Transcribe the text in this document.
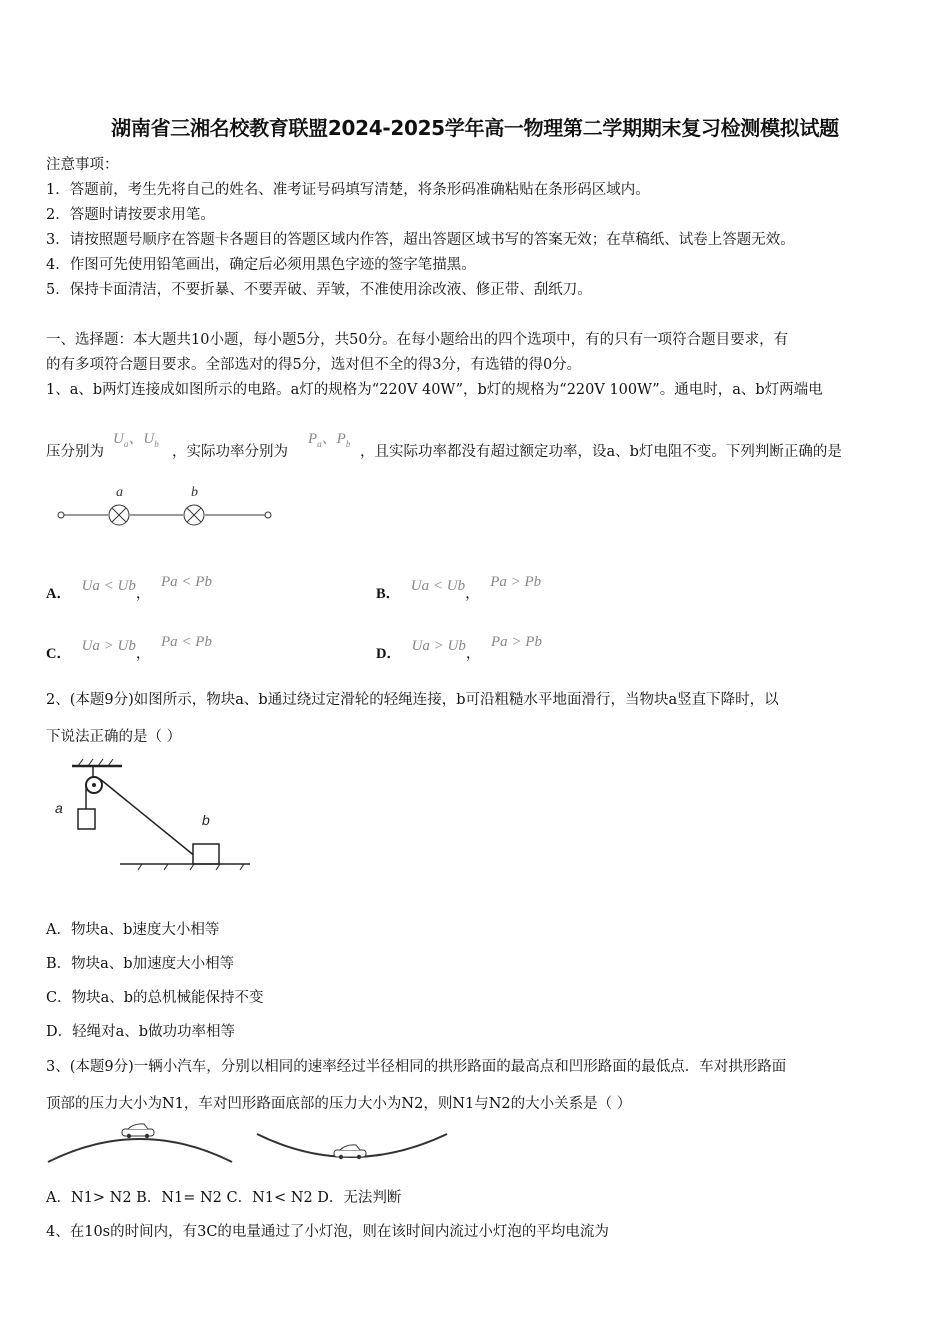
湖南省三湘名校教育联盟2024-2025学年高一物理第二学期期末复习检测模拟试题
注意事项：
1．答题前，考生先将自己的姓名、准考证号码填写清楚，将条形码准确粘贴在条形码区域内。
2．答题时请按要求用笔。
3．请按照题号顺序在答题卡各题目的答题区域内作答，超出答题区域书写的答案无效；在草稿纸、试卷上答题无效。
4．作图可先使用铅笔画出，确定后必须用黑色字迹的签字笔描黑。
5．保持卡面清洁，不要折暴、不要弄破、弄皱，不准使用涂改液、修正带、刮纸刀。
一、选择题：本大题共10小题，每小题5分，共50分。在每小题给出的四个选项中，有的只有一项符合题目要求，有
的有多项符合题目要求。全部选对的得5分，选对但不全的得3分，有选错的得0分。
1、a、b两灯连接成如图所示的电路。a灯的规格为“220V 40W”，b灯的规格为“220V 100W”。通电时，a、b灯两端电
压分别为
$U_a$、$U_b$ ，实际功率分别为
$P_a$、$P_b$ ，且实际功率都没有超过额定功率，设a、b灯电阻不变。下列判断正确的是
a	b
A． Ua < Ub， Pa < Pb
B． Ua < Ub， Pa > Pb
C． Ua > Ub， Pa < Pb
D． Ua > Ub， Pa > Pb
2、(本题9分)如图所示，物块a、b通过绕过定滑轮的轻绳连接，b可沿粗糙水平地面滑行，当物块a竖直下降时，以
下说法正确的是（ ）
a
b
A．物块a、b速度大小相等
B．物块a、b加速度大小相等
C．物块a、b的总机械能保持不变
D．轻绳对a、b做功功率相等
3、(本题9分)一辆小汽车，分别以相同的速率经过半径相同的拱形路面的最高点和凹形路面的最低点．车对拱形路面
顶部的压力大小为N1，车对凹形路面底部的压力大小为N2，则N1与N2的大小关系是（ ）
A．N1> N2 B．N1= N2 C．N1< N2 D．无法判断
4、在10s的时间内，有3C的电量通过了小灯泡，则在该时间内流过小灯泡的平均电流为
